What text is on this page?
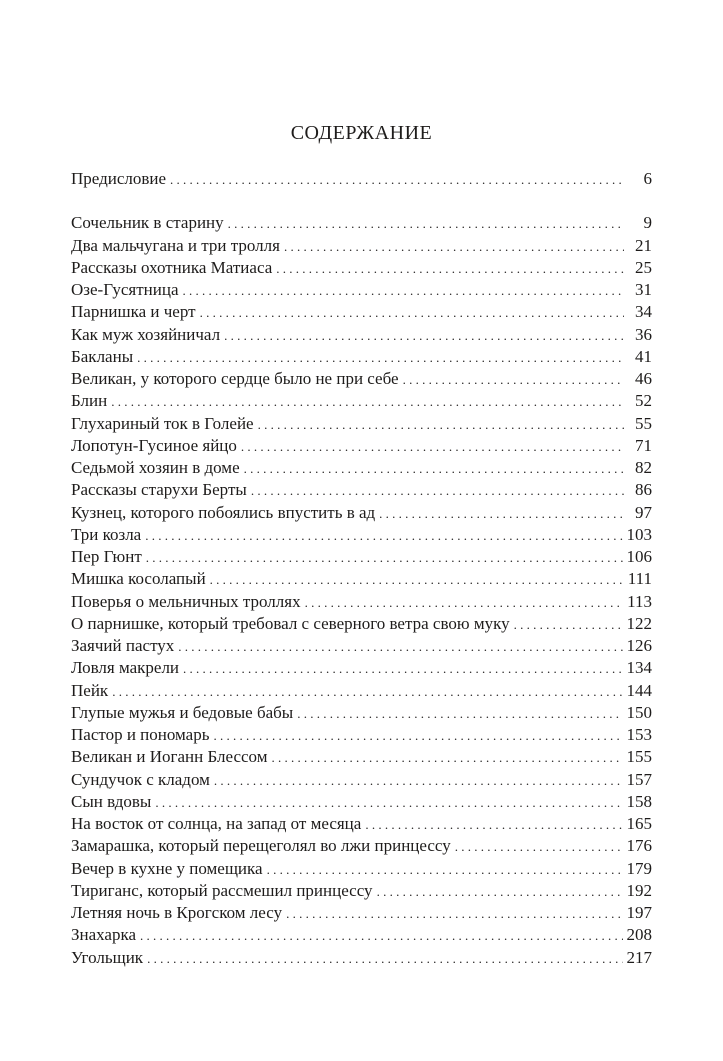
СОДЕРЖАНИЕ
Предисловие . . .	6
Сочельник в старину . . .	9
Два мальчугана и три тролля . . .	21
Рассказы охотника Матиаса . . .	25
Озе-Гусятница . . .	31
Парнишка и черт . . .	34
Как муж хозяйничал . . .	36
Бакланы . . .	41
Великан, у которого сердце было не при себе . . .	46
Блин . . .	52
Глухариный ток в Голейе . . .	55
Лопотун-Гусиное яйцо . . .	71
Седьмой хозяин в доме . . .	82
Рассказы старухи Берты . . .	86
Кузнец, которого побоялись впустить в ад . . .	97
Три козла . . .	103
Пер Гюнт . . .	106
Мишка косолапый . . .	111
Поверья о мельничных троллях . . .	113
О парнишке, который требовал с северного ветра свою муку . . .	122
Заячий пастух . . .	126
Ловля макрели . . .	134
Пейк . . .	144
Глупые мужья и бедовые бабы . . .	150
Пастор и пономарь . . .	153
Великан и Иоганн Блессом . . .	155
Сундучок с кладом . . .	157
Сын вдовы . . .	158
На восток от солнца, на запад от месяца . . .	165
Замарашка, который перещеголял во лжи принцессу . . .	176
Вечер в кухне у помещика . . .	179
Тириганс, который рассмешил принцессу . . .	192
Летняя ночь в Крогском лесу . . .	197
Знахарка . . .	208
Угольщик . . .	217
